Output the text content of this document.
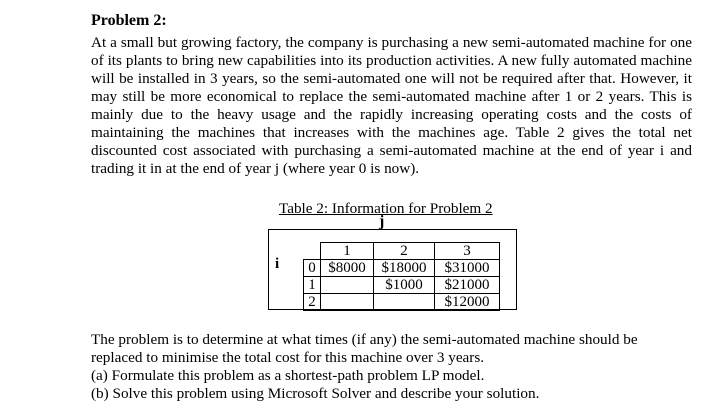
Problem 2:

At a small but growing factory, the company is purchasing a new semi-automated machine for one of its plants to bring new capabilities into its production activities. A new fully automated machine will be installed in 3 years, so the semi-automated one will not be required after that. However, it may still be more economical to replace the semi-automated machine after 1 or 2 years. This is mainly due to the heavy usage and the rapidly increasing operating costs and the costs of maintaining the machines that increases with the machines age. Table 2 gives the total net discounted cost associated with purchasing a semi-automated machine at the end of year i and trading it in at the end of year j (where year 0 is now).

Table 2: Information for Problem 2
j
i
	1	2	3
0	$8000	$18000	$31000
1		$1000	$21000
2			$12000
The problem is to determine at what times (if any) the semi-automated machine should be replaced to minimise the total cost for this machine over 3 years.
(a) Formulate this problem as a shortest-path problem LP model.
(b) Solve this problem using Microsoft Solver and describe your solution.
